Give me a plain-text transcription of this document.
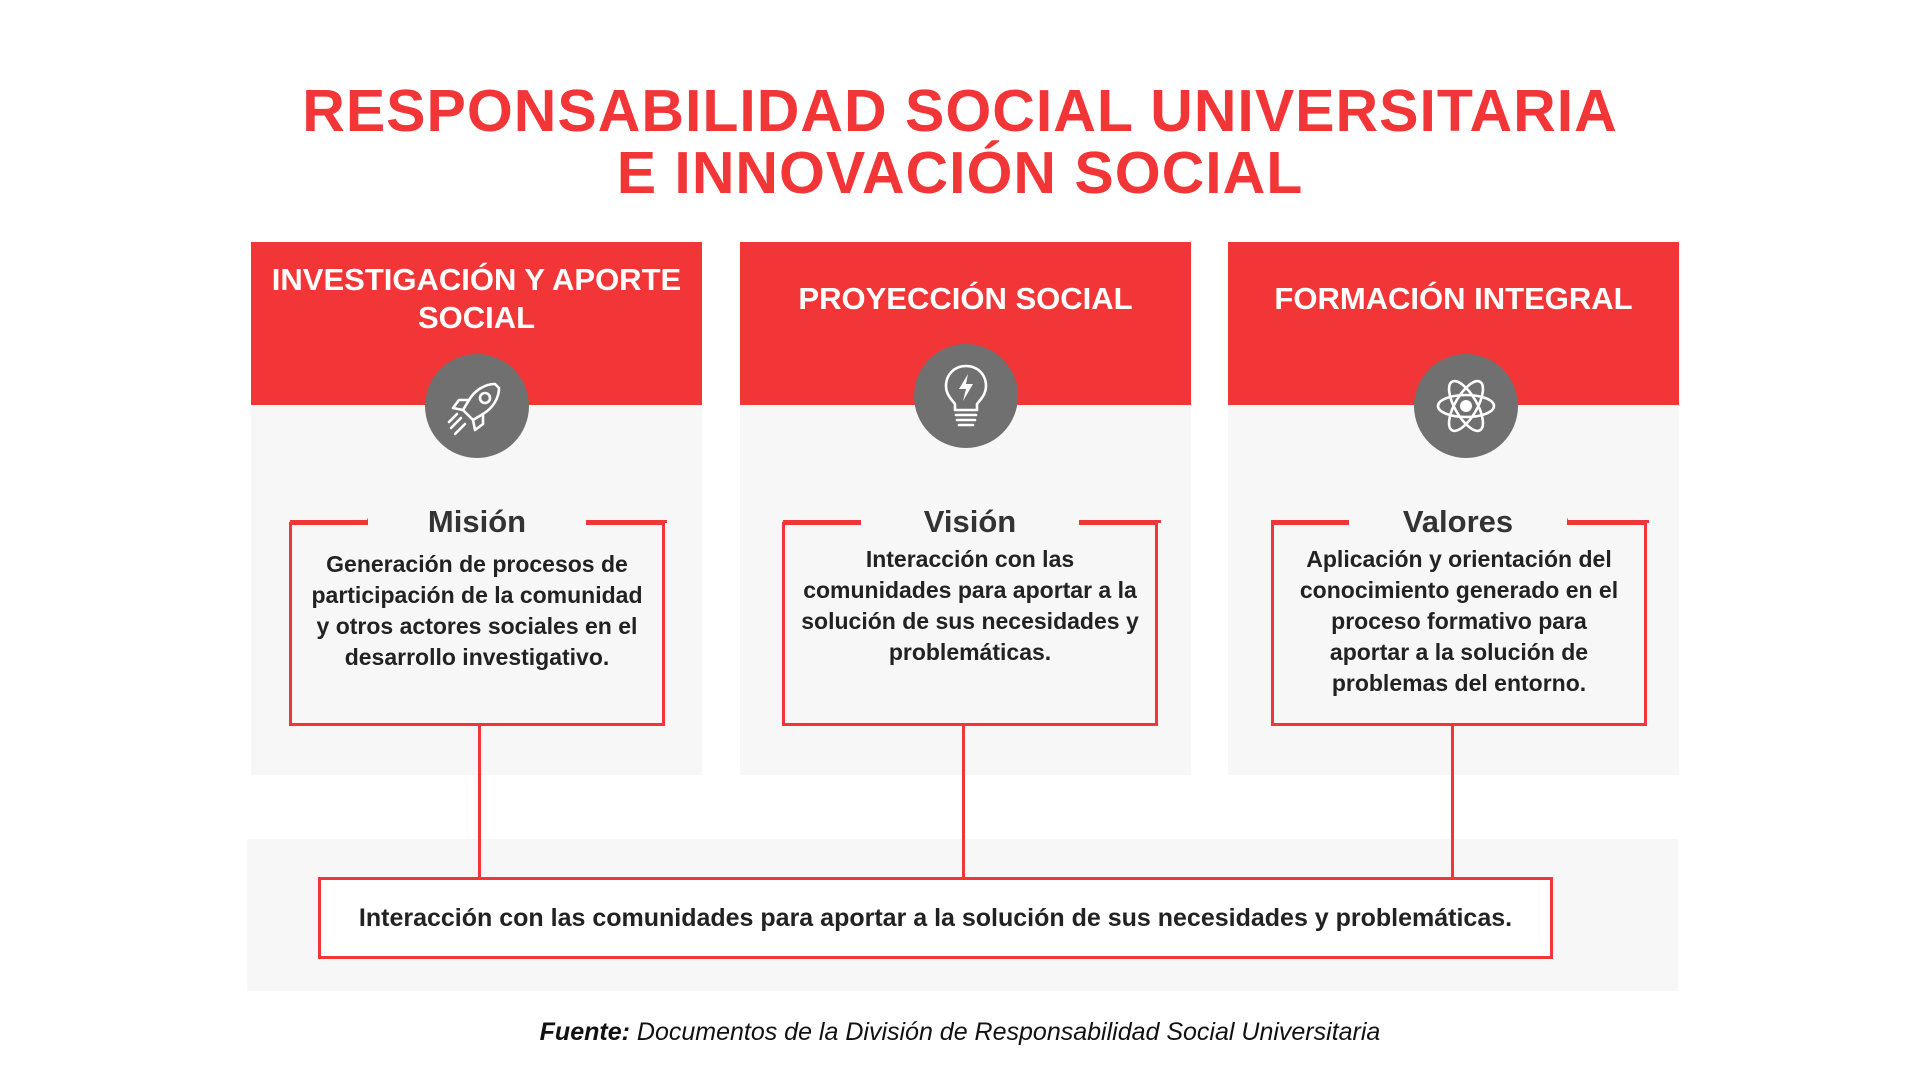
RESPONSABILIDAD SOCIAL UNIVERSITARIA
E INNOVACIÓN SOCIAL
INVESTIGACIÓN Y APORTE SOCIAL
Misión
Generación de procesos de participación de la comunidad y otros actores sociales en el desarrollo investigativo.
PROYECCIÓN SOCIAL
Visión
Interacción con las comunidades para aportar a la solución de sus necesidades y problemáticas.
FORMACIÓN INTEGRAL
Valores
Aplicación y orientación del conocimiento generado en el proceso formativo para aportar a la solución de problemas del entorno.
Interacción con las comunidades para aportar a la solución de sus necesidades y problemáticas.
Fuente: Documentos de la División de Responsabilidad Social Universitaria
